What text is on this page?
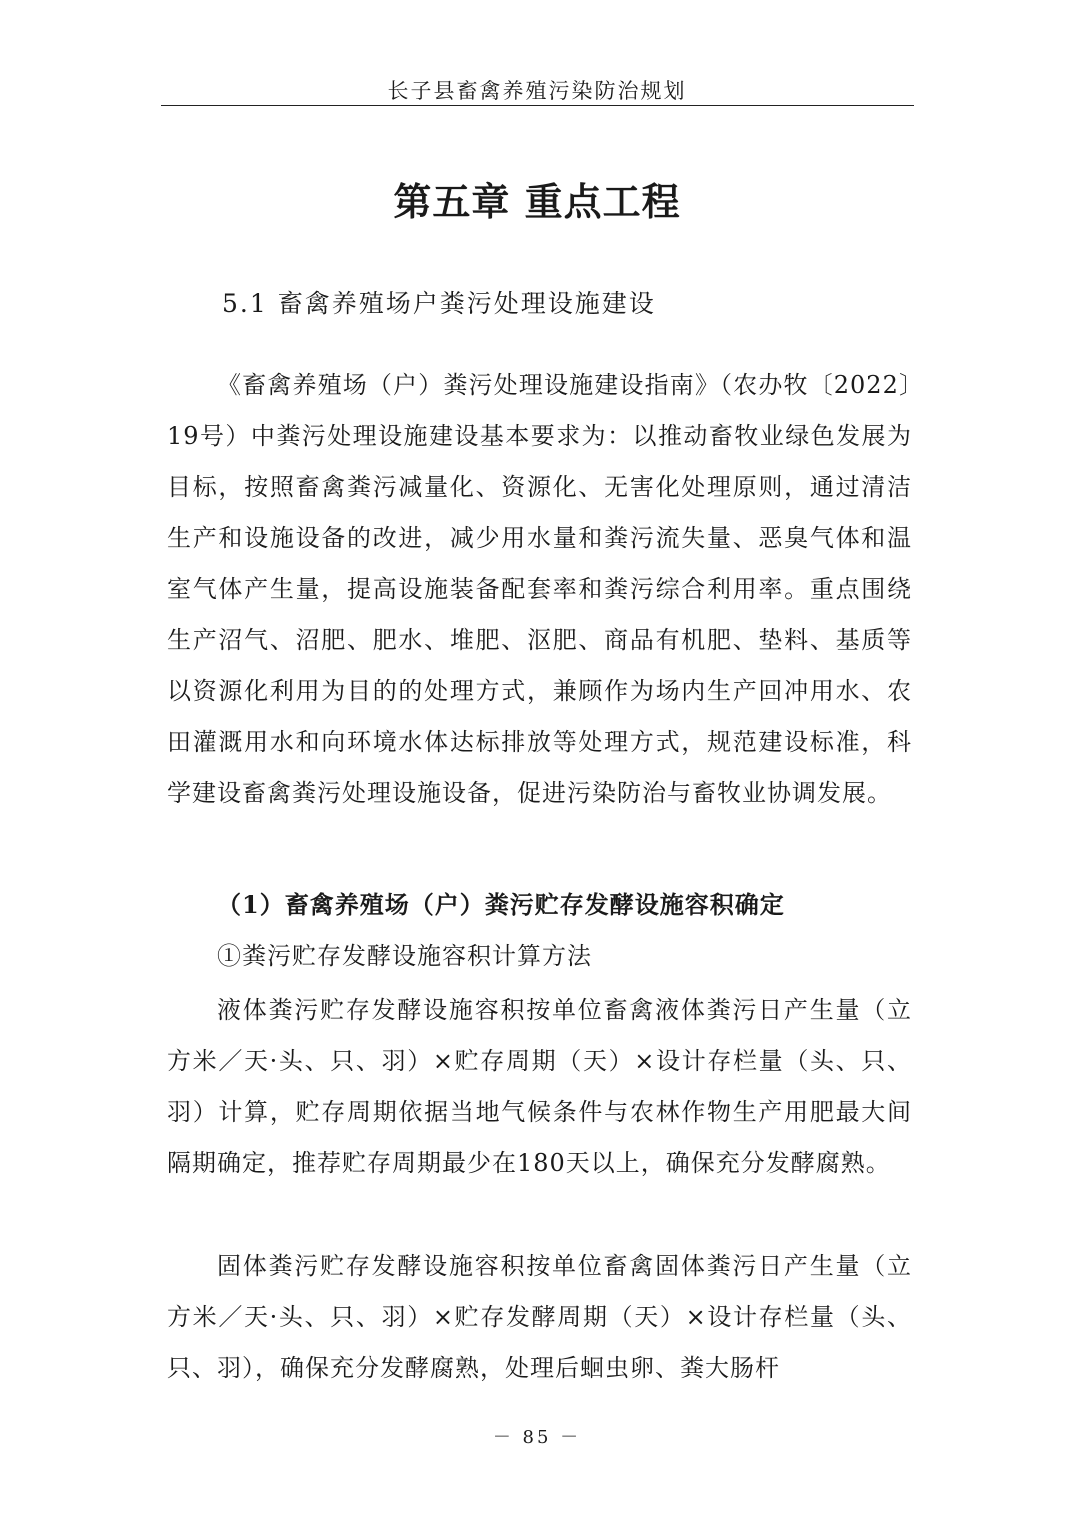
长子县畜禽养殖污染防治规划
第五章 重点工程
5.1 畜禽养殖场户粪污处理设施建设
《畜禽养殖场（户）粪污处理设施建设指南》（农办牧〔2022〕19号）中粪污处理设施建设基本要求为：以推动畜牧业绿色发展为目标，按照畜禽粪污减量化、资源化、无害化处理原则，通过清洁生产和设施设备的改进，减少用水量和粪污流失量、恶臭气体和温室气体产生量，提高设施装备配套率和粪污综合利用率。重点围绕生产沼气、沼肥、肥水、堆肥、沤肥、商品有机肥、垫料、基质等以资源化利用为目的的处理方式，兼顾作为场内生产回冲用水、农田灌溉用水和向环境水体达标排放等处理方式，规范建设标准，科学建设畜禽粪污处理设施设备，促进污染防治与畜牧业协调发展。
（1）畜禽养殖场（户）粪污贮存发酵设施容积确定
①粪污贮存发酵设施容积计算方法
液体粪污贮存发酵设施容积按单位畜禽液体粪污日产生量（立方米／天·头、只、羽）×贮存周期（天）×设计存栏量（头、只、羽）计算，贮存周期依据当地气候条件与农林作物生产用肥最大间隔期确定，推荐贮存周期最少在180天以上，确保充分发酵腐熟。
固体粪污贮存发酵设施容积按单位畜禽固体粪污日产生量（立方米／天·头、只、羽）×贮存发酵周期（天）×设计存栏量（头、只、羽），确保充分发酵腐熟，处理后蛔虫卵、粪大肠杆
－ 85 －
